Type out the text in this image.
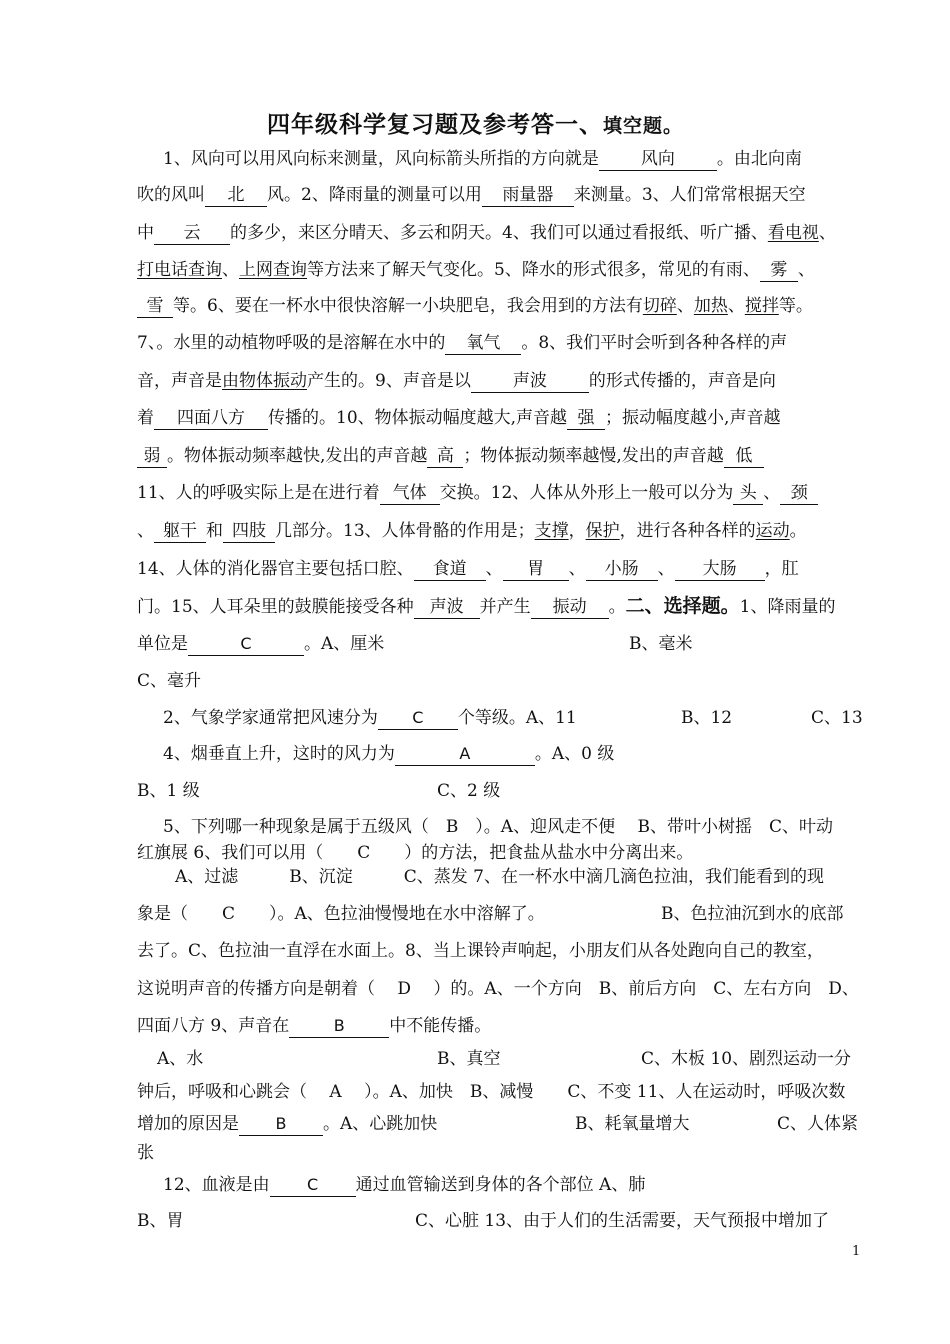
四年级科学复习题及参考答一、填空题。
1、风向可以用风向标来测量，风向标箭头所指的方向就是 风向 。由北向南
吹的风叫 北 风。2、降雨量的测量可以用 雨量器 来测量。3、人们常常根据天空
中 云 的多少，来区分晴天、多云和阴天。4、我们可以通过看报纸、听广播、看电视、
打电话查询、上网查询等方法来了解天气变化。5、降水的形式很多，常见的有雨、 雾 、
雪 等。6、要在一杯水中很快溶解一小块肥皂，我会用到的方法有切碎、加热、搅拌等。
7、。水里的动植物呼吸的是溶解在水中的 氧气 。8、我们平时会听到各种各样的声
音，声音是由物体振动产生的。9、声音是以 声波 的形式传播的，声音是向
着 四面八方 传播的。10、物体振动幅度越大,声音越 强 ；振动幅度越小,声音越
弱 。物体振动频率越快,发出的声音越 高 ；物体振动频率越慢,发出的声音越 低
11、人的呼吸实际上是在进行着 气体 交换。12、人体从外形上一般可以分为 头 、 颈
、 躯干 和 四肢 几部分。13、人体骨骼的作用是；支撑，保护，进行各种各样的运动。
14、人体的消化器官主要包括口腔、 食道 、 胃 、 小肠 、 大肠 ，肛
门。15、人耳朵里的鼓膜能接受各种 声波 并产生 振动 。二、选择题。1、降雨量的
单位是	C	。A、厘米	B、毫米
C、毫升
2、气象学家通常把风速分为 C 个等级。A、11	B、12	C、13
4、烟垂直上升，这时的风力为	A	。A、0 级
B、1 级	C、2 级
5、下列哪一种现象是属于五级风（　B　）。A、迎风走不便　 B、带叶小树摇　C、叶动
红旗展 6、我们可以用（　　C　　）的方法，把食盐从盐水中分离出来。
A、过滤　　　B、沉淀　　　C、蒸发 7、在一杯水中滴几滴色拉油，我们能看到的现
象是（　　C　　）。A、色拉油慢慢地在水中溶解了。	B、色拉油沉到水的底部
去了。C、色拉油一直浮在水面上。8、当上课铃声响起，小朋友们从各处跑向自己的教室，
这说明声音的传播方向是朝着（　 D　 ）的。A、一个方向　B、前后方向　C、左右方向　D、
四面八方 9、声音在	B	中不能传播。
A、水	B、真空	C、木板 10、剧烈运动一分
钟后，呼吸和心跳会（　 A　 ）。A、加快　B、减慢　　C、不变 11、人在运动时，呼吸次数
增加的原因是 B 。A、心跳加快	B、耗氧量增大	C、人体紧
张
12、血液是由 C 通过血管输送到身体的各个部位 A、肺
B、胃	C、心脏 13、由于人们的生活需要，天气预报中增加了
1
